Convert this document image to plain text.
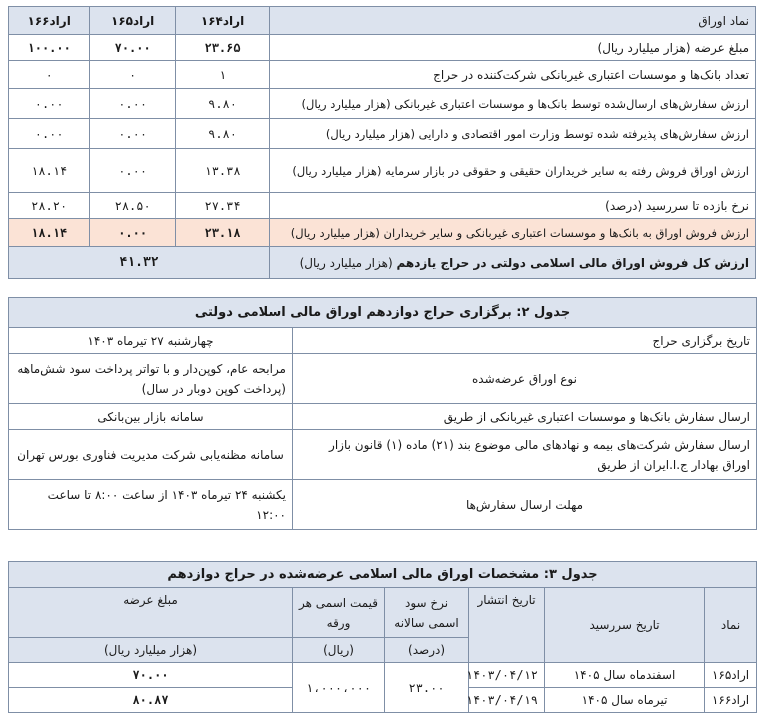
نماد اوراق	اراد۱۶۴	اراد۱۶۵	اراد۱۶۶
مبلغ عرضه (هزار میلیارد ریال)	۲۳.۶۵	۷۰.۰۰	۱۰۰.۰۰
تعداد بانک‌ها و موسسات اعتباری غیربانکی شرکت‌کننده در حراج	۱	۰	۰
ارزش سفارش‌های ارسال‌شده توسط بانک‌ها و موسسات اعتباری غیربانکی (هزار میلیارد ریال)	۹.۸۰	۰.۰۰	۰.۰۰
ارزش سفارش‌های پذیرفته شده توسط وزارت امور اقتصادی و دارایی (هزار میلیارد ریال)	۹.۸۰	۰.۰۰	۰.۰۰
ارزش اوراق فروش رفته به سایر خریداران حقیقی و حقوقی در بازار سرمایه (هزار میلیارد ریال)	۱۳.۳۸	۰.۰۰	۱۸.۱۴
نرخ بازده تا سررسید (درصد)	۲۷.۳۴	۲۸.۵۰	۲۸.۲۰
ارزش فروش اوراق به بانک‌ها و موسسات اعتباری غیربانکی و سایر خریداران (هزار میلیارد ریال)	۲۳.۱۸	۰.۰۰	۱۸.۱۴
ارزش کل فروش اوراق مالی اسلامی دولتی در حراج یازدهم (هزار میلیارد ریال)	۴۱.۳۲		
جدول ۲: برگزاری حراج دوازدهم اوراق مالی اسلامی دولتی	
تاریخ برگزاری حراج	چهارشنبه ۲۷ تیرماه ۱۴۰۳
نوع اوراق عرضه‌شده	مرابحه عام، کوپن‌دار و با تواتر پرداخت سود شش‌ماهه (پرداخت کوپن دوبار در سال)
ارسال سفارش بانک‌ها و موسسات اعتباری غیربانکی از طریق	سامانه بازار بین‌بانکی
ارسال سفارش شرکت‌های بیمه و نهادهای مالی موضوع بند (۲۱) ماده (۱) قانون بازار اوراق بهادار ج.ا.ایران از طریق	سامانه مظنه‌یابی شرکت مدیریت فناوری بورس تهران
مهلت ارسال سفارش‌ها	یکشنبه ۲۴ تیرماه ۱۴۰۳ از ساعت ۸:۰۰ تا ساعت ۱۲:۰۰
جدول ۳: مشخصات اوراق مالی اسلامی عرضه‌شده در حراج دوازدهم					
نماد	تاریخ سررسید	تاریخ انتشار	نرخ سود اسمی سالانه	قیمت اسمی هر ورقه	مبلغ عرضه
			(درصد)	(ریال)	(هزار میلیارد ریال)
اراد۱۶۵	اسفندماه سال ۱۴۰۵	۱۴۰۳/۰۴/۱۲	۲۳.۰۰	۱،۰۰۰،۰۰۰	۷۰.۰۰
اراد۱۶۶	تیرماه سال ۱۴۰۵	۱۴۰۳/۰۴/۱۹			۸۰.۸۷
